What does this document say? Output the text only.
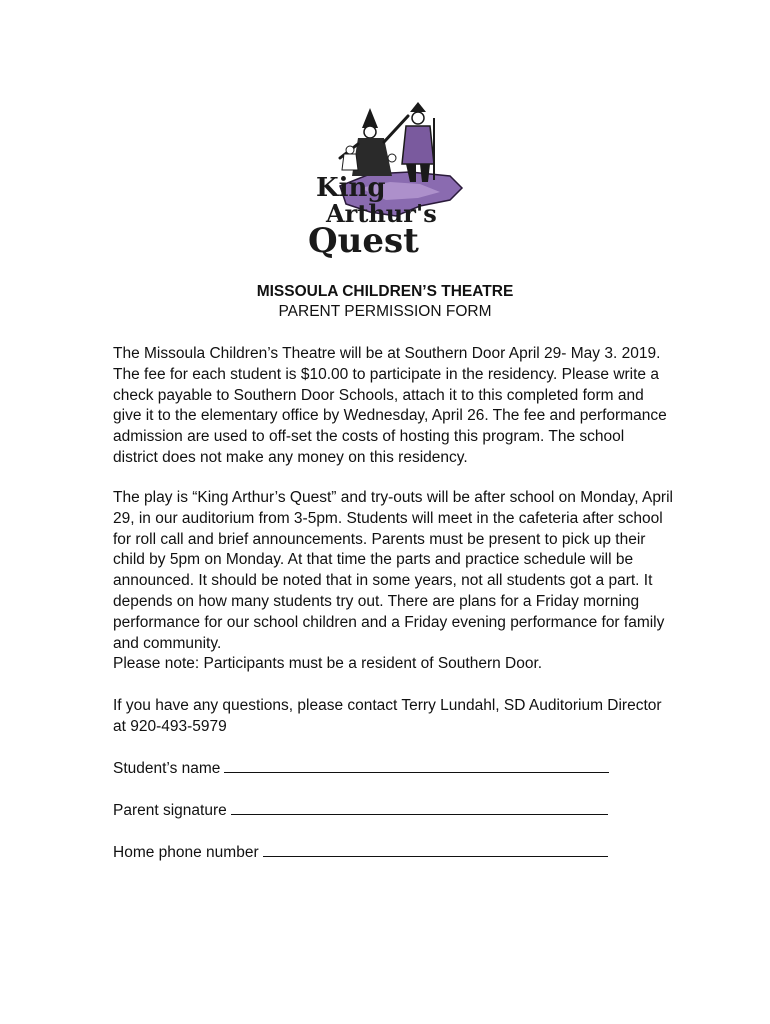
King
Arthur's
Quest
MISSOULA CHILDREN’S THEATRE
PARENT PERMISSION FORM

The Missoula Children’s Theatre will be at Southern Door April 29- May 3. 2019. The fee for each student is $10.00 to participate in the residency. Please write a check payable to Southern Door Schools, attach it to this completed form and give it to the elementary office by Wednesday, April 26. The fee and performance admission are used to off-set the costs of hosting this program. The school district does not make any money on this residency.

The play is “King Arthur’s Quest” and try-outs will be after school on Monday, April 29, in our auditorium from 3-5pm. Students will meet in the cafeteria after school for roll call and brief announcements. Parents must be present to pick up their child by 5pm on Monday. At that time the parts and practice schedule will be announced. It should be noted that in some years, not all students got a part. It depends on how many students try out. There are plans for a Friday morning performance for our school children and a Friday evening performance for family and community.

Please note: Participants must be a resident of Southern Door.

If you have any questions, please contact Terry Lundahl, SD Auditorium Director at 920-493-5979

Student’s name
Parent signature
Home phone number
